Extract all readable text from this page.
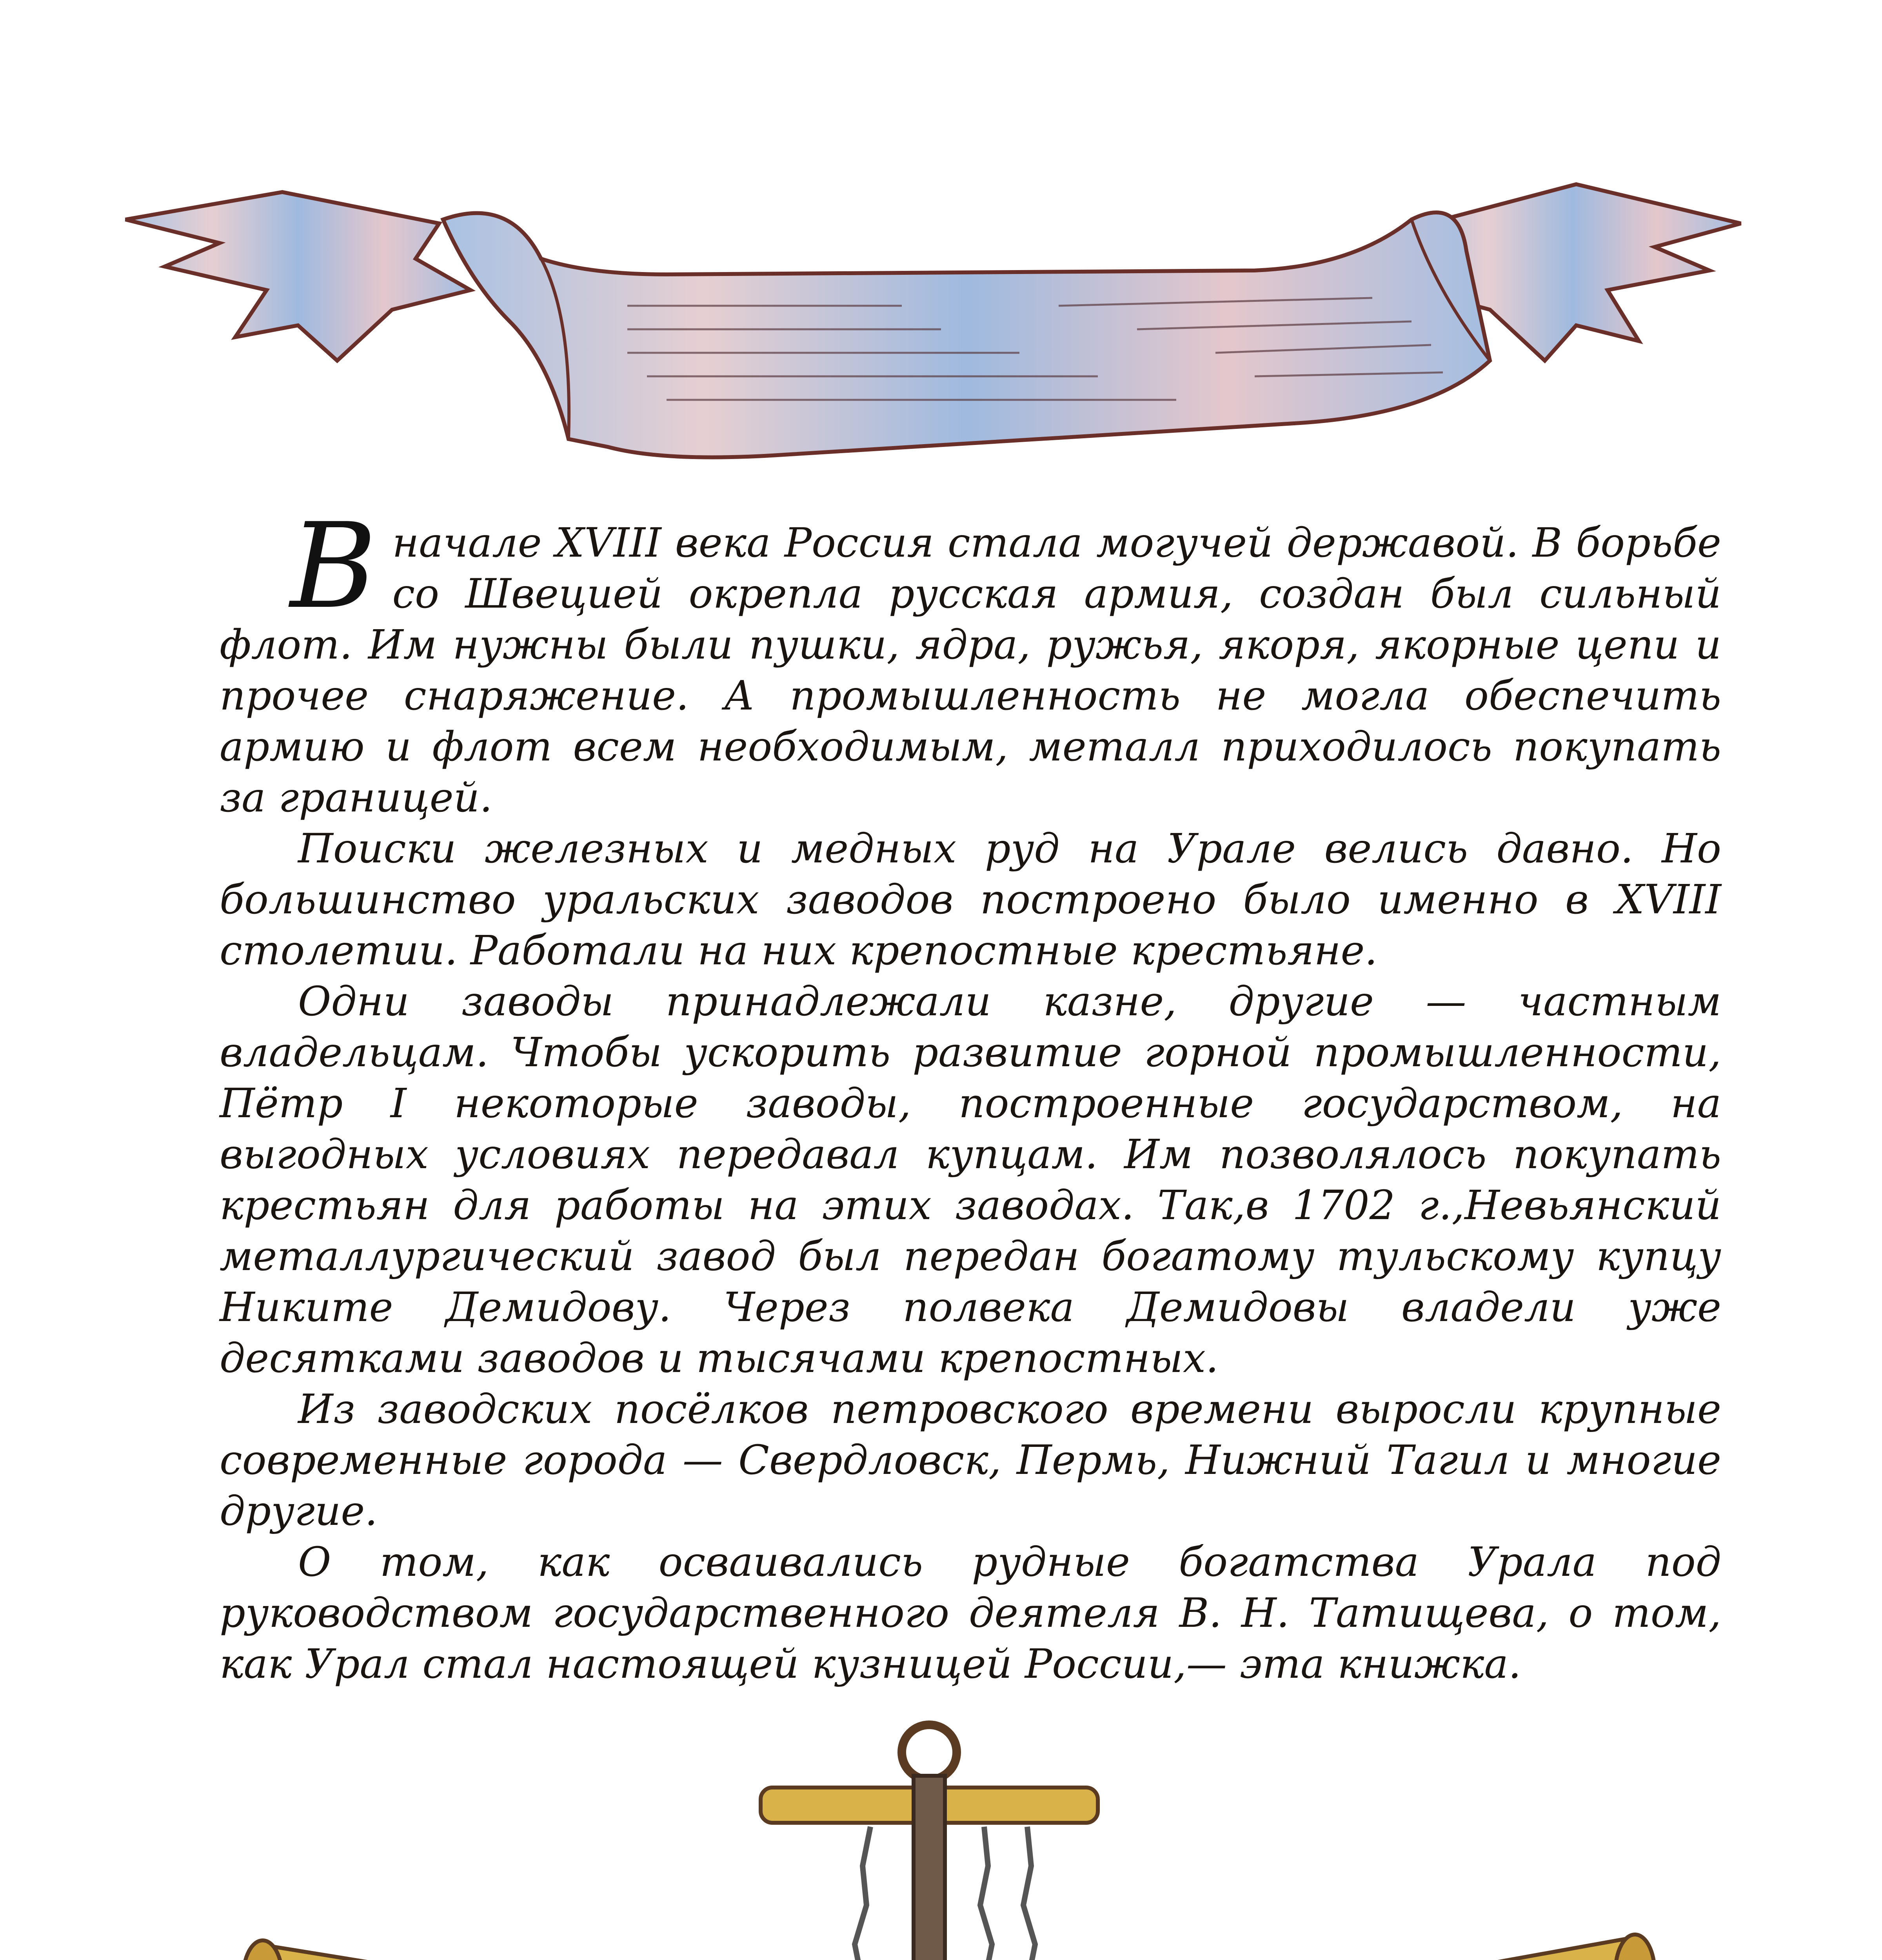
В начале XVIII века Россия стала могучей державой. В борьбе со Швецией окрепла русская армия, создан был сильный флот. Им нужны были пушки, ядра, ружья, якоря, якорные цепи и прочее снаряжение. А промышленность не могла обеспечить армию и флот всем необходимым, металл приходилось покупать за границей.

Поиски железных и медных руд на Урале велись давно. Но большинство уральских заводов построено было именно в XVIII столетии. Работали на них крепостные крестьяне.

Одни заводы принадлежали казне, другие — частным владельцам. Чтобы ускорить развитие горной промышленности, Пётр I некоторые заводы, построенные государством, на выгодных условиях передавал купцам. Им позволялось покупать крестьян для работы на этих заводах. Так,в 1702 г.,Невьянский металлургический завод был передан богатому тульскому купцу Никите Демидову. Через полвека Демидовы владели уже десятками заводов и тысячами крепостных.

Из заводских посёлков петровского времени выросли крупные современные города — Свердловск, Пермь, Нижний Тагил и многие другие.

О том, как осваивались рудные богатства Урала под руководством государственного деятеля В. Н. Татищева, о том, как Урал стал настоящей кузницей России,— эта книжка.
